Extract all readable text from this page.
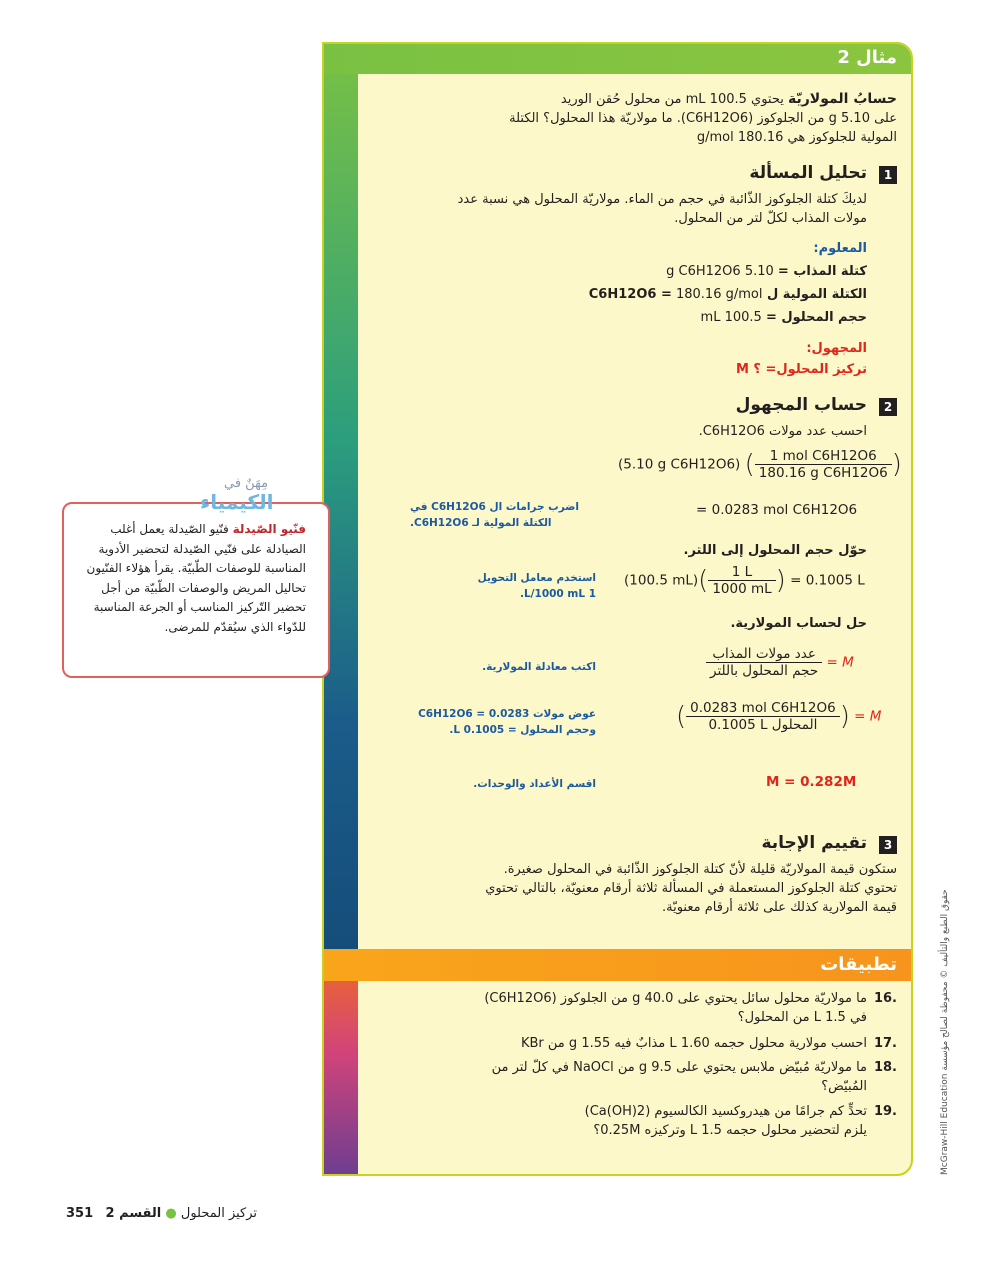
مثال 2
حسابُ المولاريّة يحتوي 100.5 mL من محلول حُقن الوريد
على 5.10 g من الجلوكوز (C6H12O6). ما مولاريّة هذا المحلول؟ الكتلة
المولية للجلوكوز هي 180.16 g/mol
1
تحليل المسألة
لديكَ كتلة الجلوكوز الذّائبة في حجم من الماء. مولاريّة المحلول هي نسبة عدد
مولات المذاب لكلّ لتر من المحلول.
المعلوم:
كتلة المذاب = 5.10 g C6H12O6
الكتلة المولية ل C6H12O6 = 180.16 g/mol
حجم المحلول = 100.5 mL
المجهول:
تركيز المحلول= ؟ M
2
حساب المجهول
احسب عدد مولات C6H12O6.
(5.10 g C6H12O6) ( $\frac{\text{1 mol C6H12O6}}{\text{180.16 g C6H12O6}}$ )
= 0.0283 mol C6H12O6
اضرب جرامات ال C6H12O6 في الكتلة المولية لـ C6H12O6.
حوّل حجم المحلول إلى اللتر.
(100.5 $mL)( \frac{1 L}{1000 mL}$ ) = 0.1005 L
استخدم معامل التحويل
1 L/1000 mL.
حل لحساب المولارية.
$\frac{\text{عدد مولات المذاب}}{\text{حجم المحلول باللتر}} = M$
اكتب معادلة المولارية.
( $\frac{\text{0.0283 mol C6H12O6}}{\text{0.1005 L المحلول}}$ ) = M
عوض مولات C6H12O6 = 0.0283
وحجم المحلول = 0.1005 L.
M = 0.282M
اقسم الأعداد والوحدات.
3
تقييم الإجابة
ستكون قيمة المولاريّة قليلة لأنّ كتلة الجلوكوز الذّائبة في المحلول صغيرة.
تحتوي كتلة الجلوكوز المستعملة في المسألة ثلاثة أرقام معنويّة، بالتالي تحتوي
قيمة المولارية كذلك على ثلاثة أرقام معنويّة.
تطبيقات
16.
ما مولاريّة محلول سائل يحتوي على 40.0 g من الجلوكوز (C6H12O6)
في 1.5 L من المحلول؟
17.
احسب مولارية محلول حجمه 1.60 L مذابٌ فيه 1.55 g من KBr
18.
ما مولاريّة مُبيّض ملابس يحتوي على 9.5 g من NaOCl في كلّ لتر من
المُبيّض؟
19.
تحدٍّ كم جرامًا من هيدروكسيد الكالسيوم (Ca(OH)2)
يلزم لتحضير محلول حجمه 1.5 L وتركيزه 0.25M؟
مِهَنٌ في
الكيمياء
فنّيو الصّيدلة فنّيو الصّيدلة يعمل أغلب الصيادلة على فنّيي الصّيدلة لتحضير الأدوية المناسبة للوصفات الطّبيّة. يقرأ هؤلاء الفنّيون تحاليل المريض والوصفات الطّبيّة من أجل تحضير التّركيز المناسب أو الجرعة المناسبة للدّواء الذي سيُقدّم للمرضى.
McGraw-Hill Education حقوق الطبع والتأليف © محفوظة لصالح مؤسسة
351	تركيز المحلول ● القسم 2
